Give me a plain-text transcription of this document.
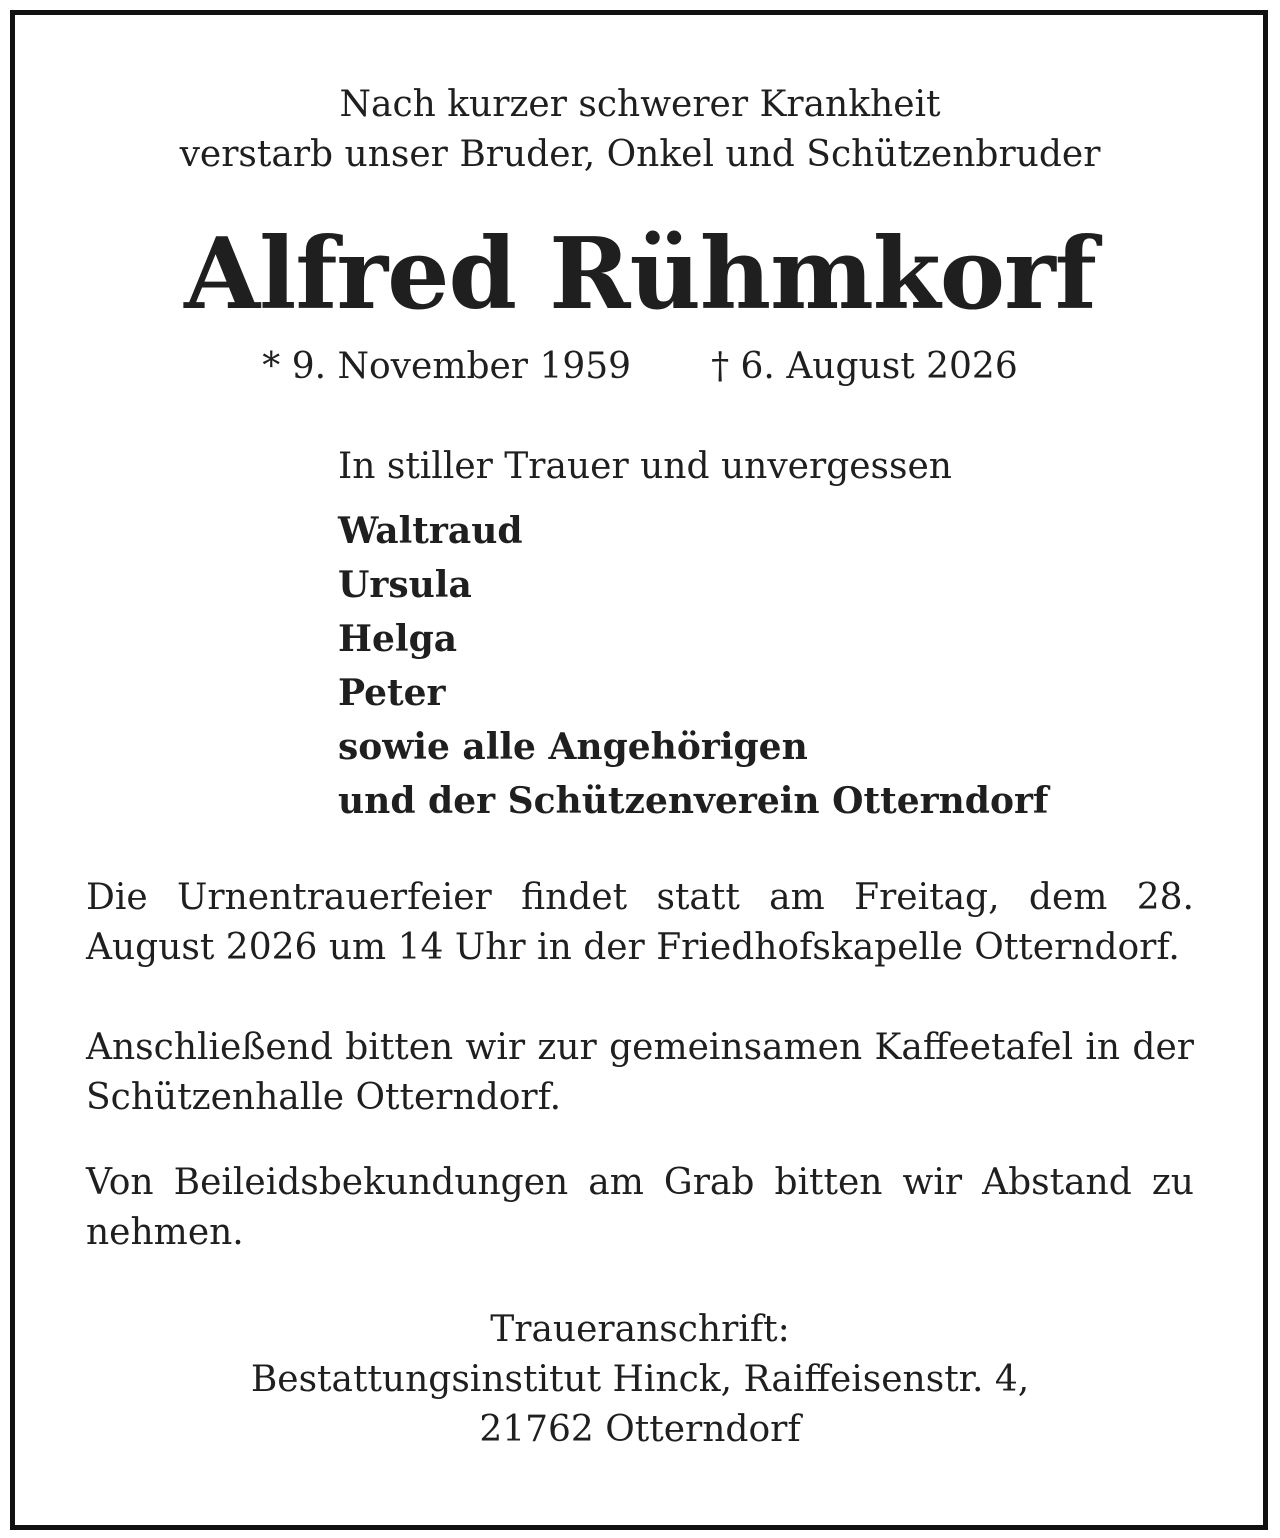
Nach kurzer schwerer Krankheit
verstarb unser Bruder, Onkel und Schützenbruder
Alfred Rühmkorf
* 9. November 1959 † 6. August 2026
In stiller Trauer und unvergessen
Waltraud
Ursula
Helga
Peter
sowie alle Angehörigen
und der Schützenverein Otterndorf
Die Urnentrauerfeier findet statt am Freitag, dem 28. August 2026 um 14 Uhr in der Friedhofskapelle Otterndorf.
Anschließend bitten wir zur gemeinsamen Kaffeetafel in der Schützenhalle Otterndorf.
Von Beileidsbekundungen am Grab bitten wir Abstand zu nehmen.
Traueranschrift:
Bestattungsinstitut Hinck, Raiffeisenstr. 4,
21762 Otterndorf
